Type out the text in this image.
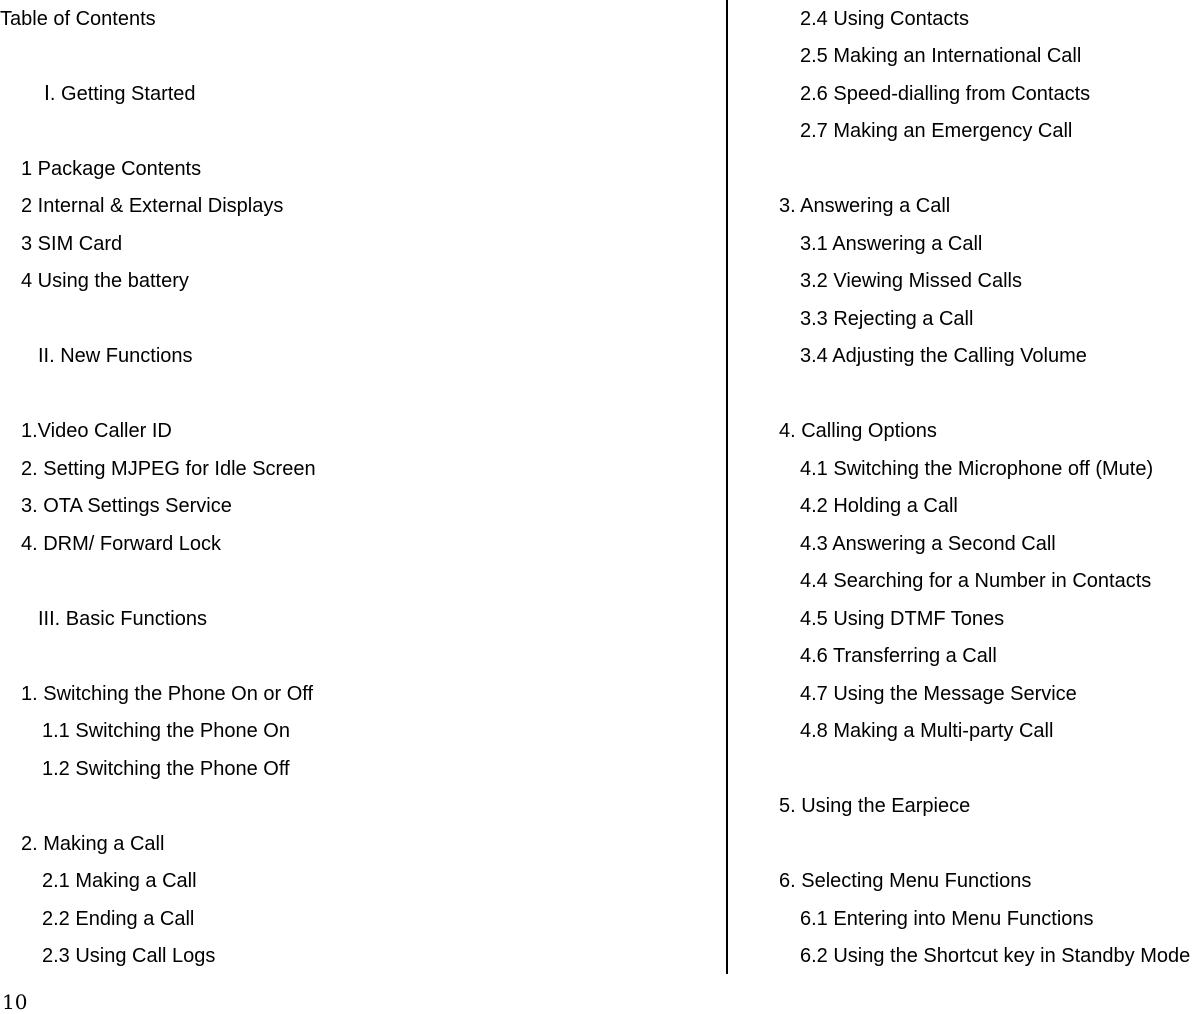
Table of Contents
Ⅰ. Getting Started
1 Package Contents
2 Internal & External Displays
3 SIM Card
4 Using the battery
II. New Functions
1.Video Caller ID
2. Setting MJPEG for Idle Screen
3. OTA Settings Service
4. DRM/ Forward Lock
III. Basic Functions
1. Switching the Phone On or Off
1.1 Switching the Phone On
1.2 Switching the Phone Off
2. Making a Call
2.1 Making a Call
2.2 Ending a Call
2.3 Using Call Logs
2.4 Using Contacts
2.5 Making an International Call
2.6 Speed-dialling from Contacts
2.7 Making an Emergency Call
3. Answering a Call
3.1 Answering a Call
3.2 Viewing Missed Calls
3.3 Rejecting a Call
3.4 Adjusting the Calling Volume
4. Calling Options
4.1 Switching the Microphone off (Mute)
4.2 Holding a Call
4.3 Answering a Second Call
4.4 Searching for a Number in Contacts
4.5 Using DTMF Tones
4.6 Transferring a Call
4.7 Using the Message Service
4.8 Making a Multi-party Call
5. Using the Earpiece
6. Selecting Menu Functions
6.1 Entering into Menu Functions
6.2 Using the Shortcut key in Standby Mode
10
